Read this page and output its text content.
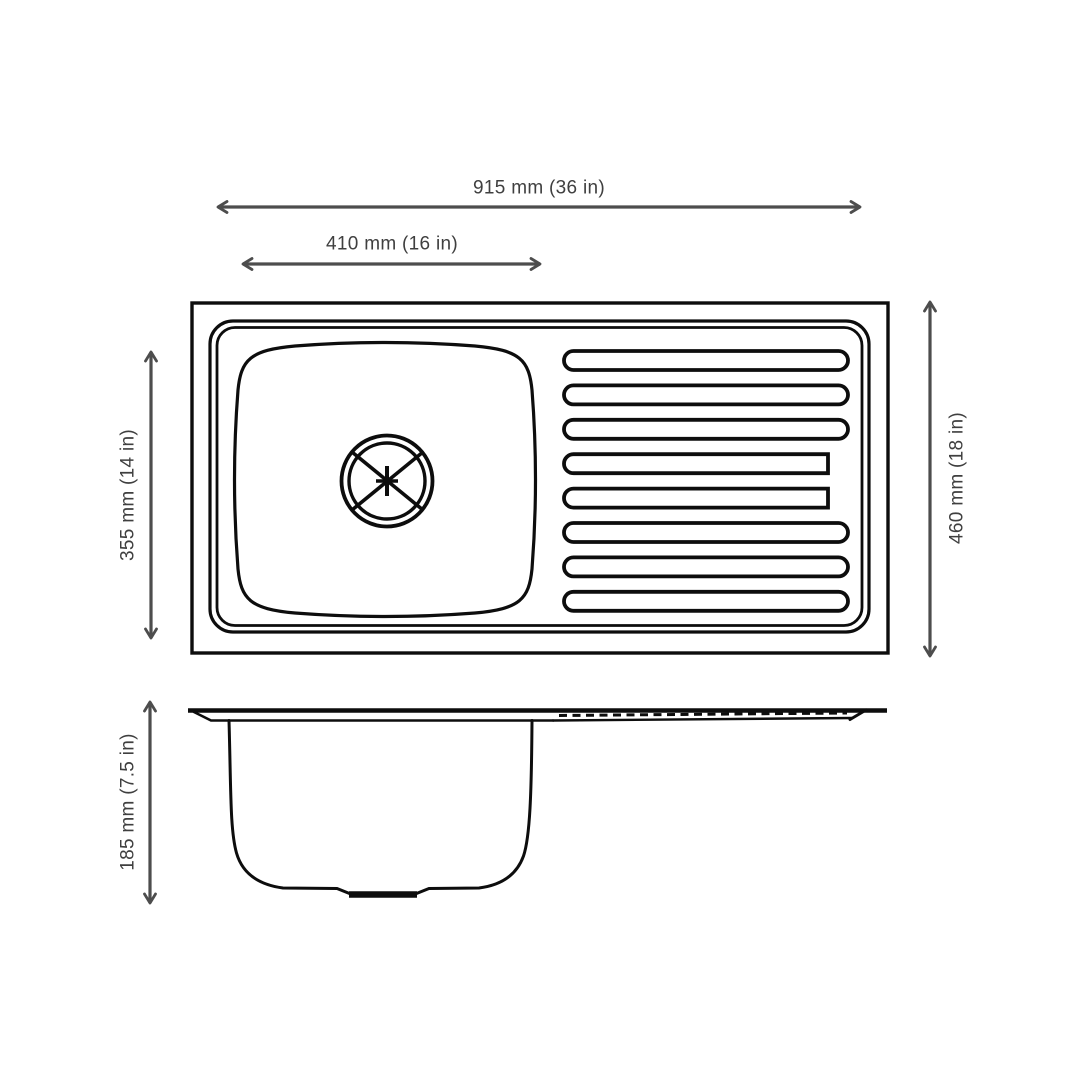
915 mm (36 in)
410 mm (16 in)
355 mm (14 in)	460 mm (18 in)
185 mm (7.5 in)
